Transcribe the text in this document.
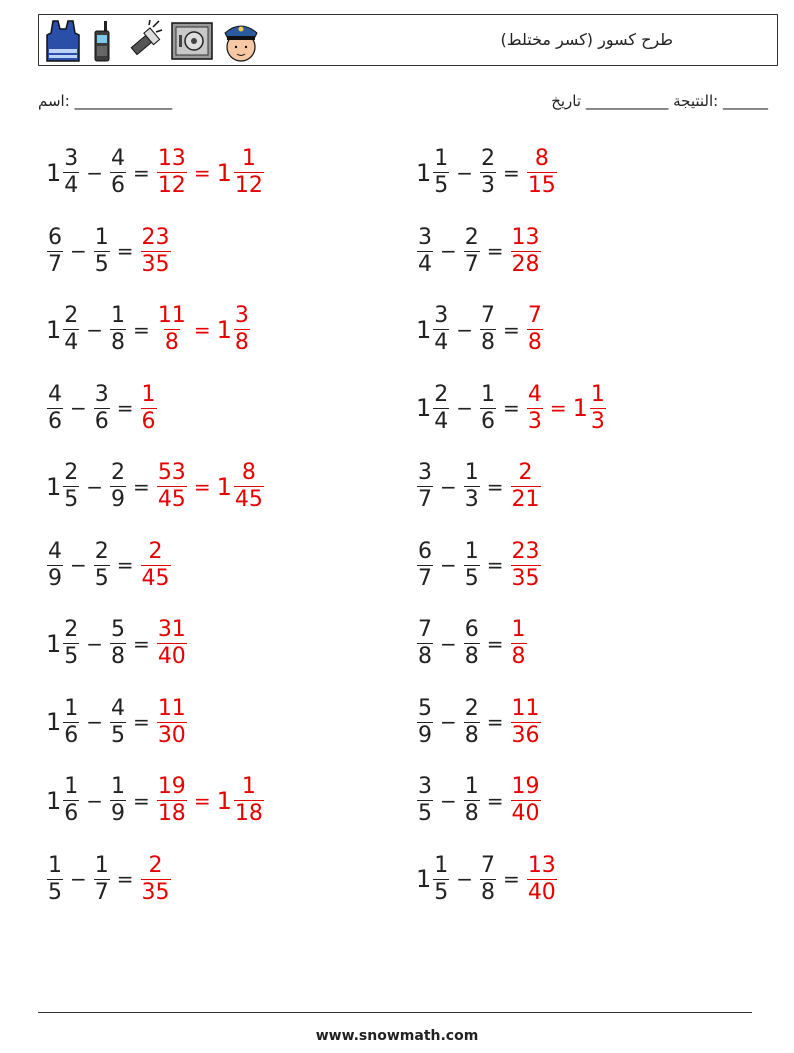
طرح كسور (كسر مختلط)
اسم: _____________	النتيجة ___________ تاريخ: ______
$1 \frac{3}{4} - \frac{4}{6} = \frac{13}{12} = 1 \frac{1}{12}$	$1 \frac{1}{5} - \frac{2}{3} = \frac{8}{15}$
$\frac{6}{7} - \frac{1}{5} = \frac{23}{35}$	$\frac{3}{4} - \frac{2}{7} = \frac{13}{28}$
$1 \frac{2}{4} - \frac{1}{8} = \frac{11}{8} = 1 \frac{3}{8}$	$1 \frac{3}{4} - \frac{7}{8} = \frac{7}{8}$
$\frac{4}{6} - \frac{3}{6} = \frac{1}{6}$	$1 \frac{2}{4} - \frac{1}{6} = \frac{4}{3} = 1 \frac{1}{3}$
$1 \frac{2}{5} - \frac{2}{9} = \frac{53}{45} = 1 \frac{8}{45}$	$\frac{3}{7} - \frac{1}{3} = \frac{2}{21}$
$\frac{4}{9} - \frac{2}{5} = \frac{2}{45}$	$\frac{6}{7} - \frac{1}{5} = \frac{23}{35}$
$1 \frac{2}{5} - \frac{5}{8} = \frac{31}{40}$	$\frac{7}{8} - \frac{6}{8} = \frac{1}{8}$
$1 \frac{1}{6} - \frac{4}{5} = \frac{11}{30}$	$\frac{5}{9} - \frac{2}{8} = \frac{11}{36}$
$1 \frac{1}{6} - \frac{1}{9} = \frac{19}{18} = 1 \frac{1}{18}$	$\frac{3}{5} - \frac{1}{8} = \frac{19}{40}$
$\frac{1}{5} - \frac{1}{7} = \frac{2}{35}$	$1 \frac{1}{5} - \frac{7}{8} = \frac{13}{40}$
www.snowmath.com
